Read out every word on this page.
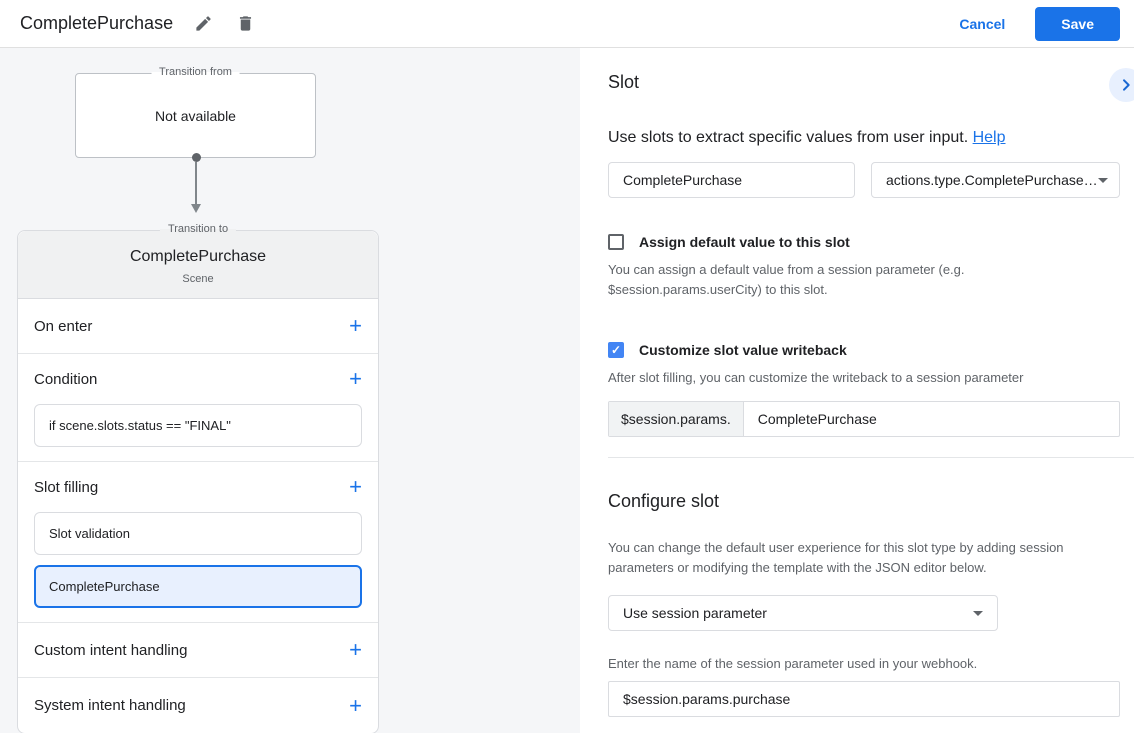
CompletePurchase	Cancel	Save
Transition from
Not available
Transition to
CompletePurchase
Scene
On enter	+
Condition	+
if scene.slots.status == "FINAL"
Slot filling	+
Slot validation
CompletePurchase
Custom intent handling	+
System intent handling	+
Slot
Use slots to extract specific values from user input. Help
CompletePurchase	actions.type.CompletePurchase…
Assign default value to this slot
You can assign a default value from a session parameter (e.g. $session.params.userCity) to this slot.
✓ Customize slot value writeback
After slot filling, you can customize the writeback to a session parameter
$session.params.	CompletePurchase
Configure slot
You can change the default user experience for this slot type by adding session parameters or modifying the template with the JSON editor below.
Use session parameter
Enter the name of the session parameter used in your webhook.
$session.params.purchase
